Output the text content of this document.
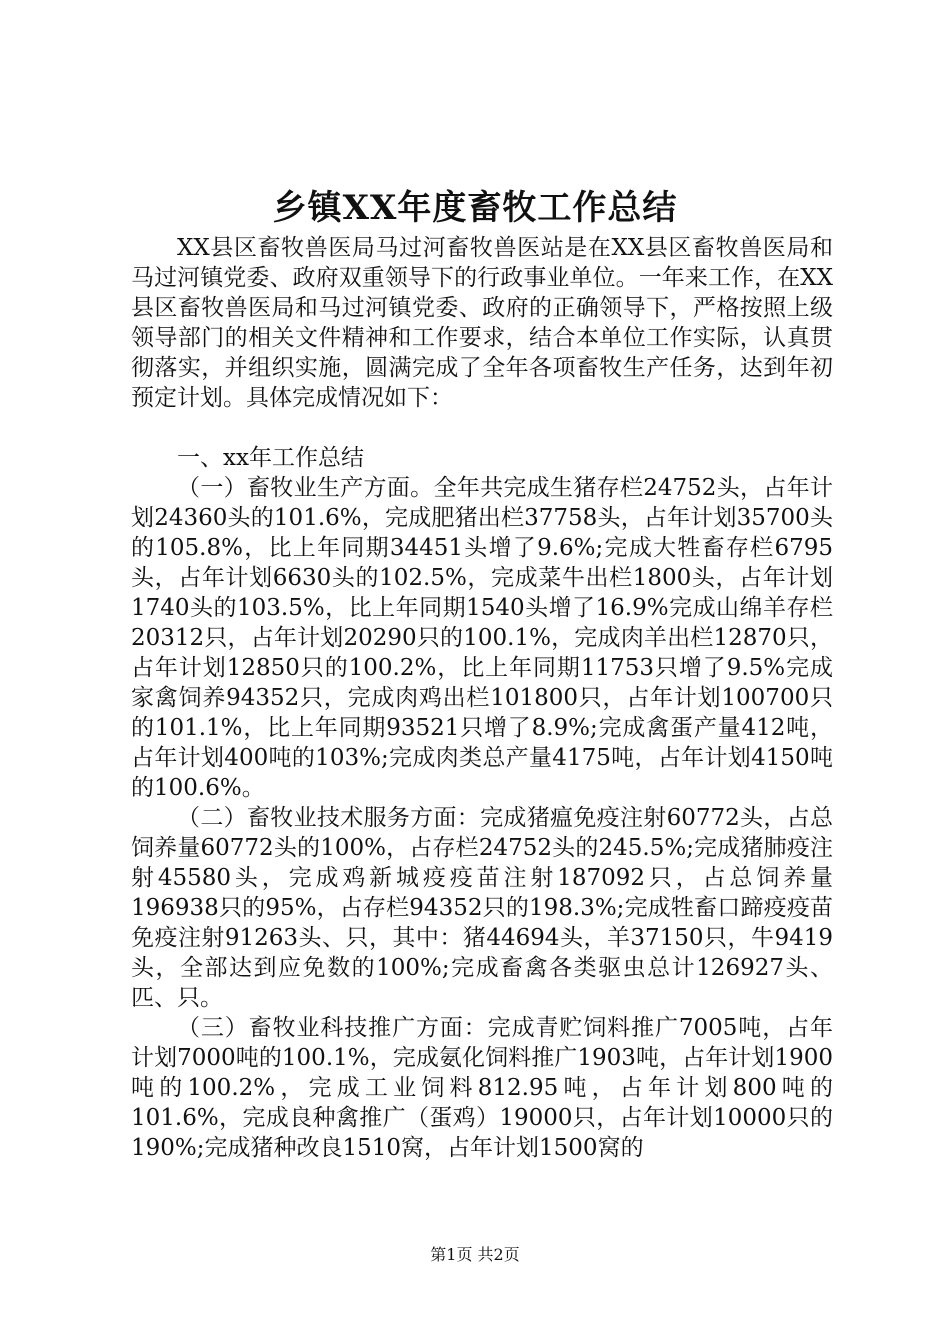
乡镇XX年度畜牧工作总结

XX县区畜牧兽医局马过河畜牧兽医站是在XX县区畜牧兽医局和马过河镇党委、政府双重领导下的行政事业单位。一年来工作，在XX县区畜牧兽医局和马过河镇党委、政府的正确领导下，严格按照上级领导部门的相关文件精神和工作要求，结合本单位工作实际，认真贯彻落实，并组织实施，圆满完成了全年各项畜牧生产任务，达到年初预定计划。具体完成情况如下：

一、xx年工作总结

（一）畜牧业生产方面。全年共完成生猪存栏24752头，占年计划24360头的101.6%，完成肥猪出栏37758头，占年计划35700头的105.8%，比上年同期34451头增了9.6%;完成大牲畜存栏6795头，占年计划6630头的102.5%，完成菜牛出栏1800头，占年计划1740头的103.5%，比上年同期1540头增了16.9%完成山绵羊存栏20312只，占年计划20290只的100.1%，完成肉羊出栏12870只，占年计划12850只的100.2%，比上年同期11753只增了9.5%完成家禽饲养94352只，完成肉鸡出栏101800只，占年计划100700只的101.1%，比上年同期93521只增了8.9%;完成禽蛋产量412吨，占年计划400吨的103%;完成肉类总产量4175吨，占年计划4150吨的100.6%。

（二）畜牧业技术服务方面：完成猪瘟免疫注射60772头，占总饲养量60772头的100%，占存栏24752头的245.5%;完成猪肺疫注射45580头，完成鸡新城疫疫苗注射187092只，占总饲养量196938只的95%，占存栏94352只的198.3%;完成牲畜口蹄疫疫苗免疫注射91263头、只，其中：猪44694头，羊37150只，牛9419头，全部达到应免数的100%;完成畜禽各类驱虫总计126927头、匹、只。

（三）畜牧业科技推广方面：完成青贮饲料推广7005吨，占年计划7000吨的100.1%，完成氨化饲料推广1903吨，占年计划1900吨的100.2%，完成工业饲料812.95吨，占年计划800吨的101.6%，完成良种禽推广（蛋鸡）19000只，占年计划10000只的190%;完成猪种改良1510窝，占年计划1500窝的

第1页 共2页
